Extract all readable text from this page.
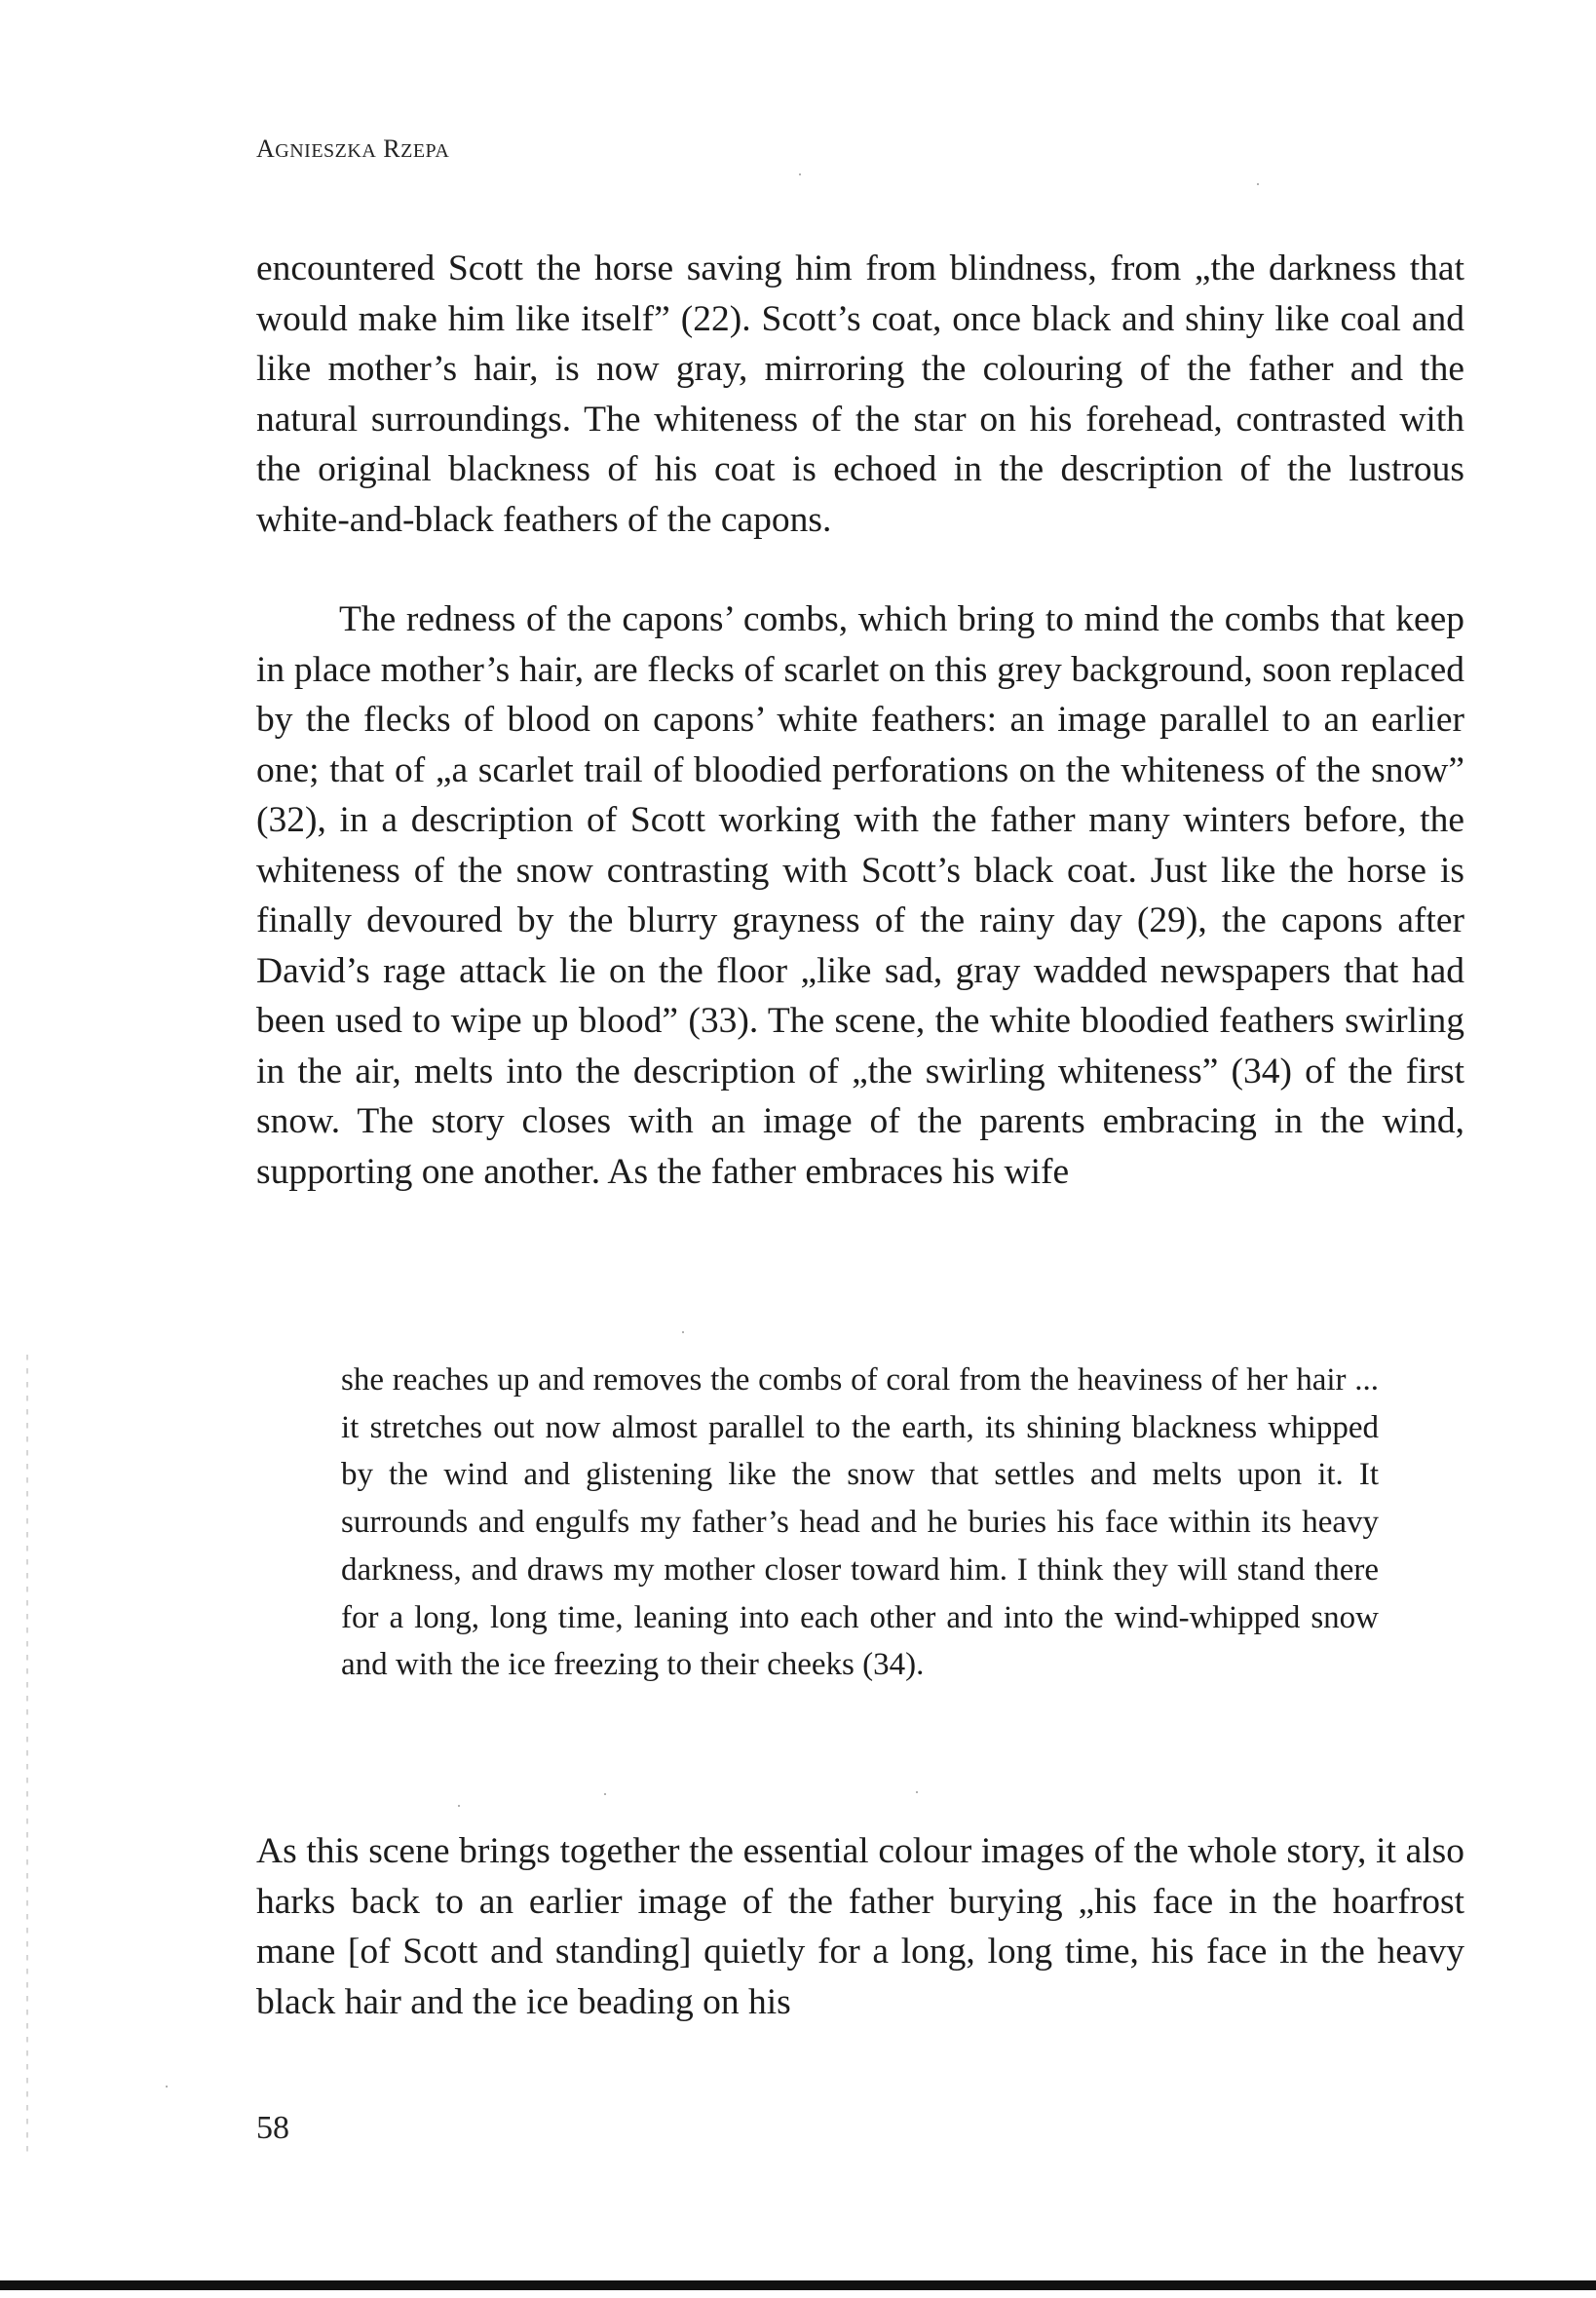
AGNIESZKA RZEPA

encountered Scott the horse saving him from blindness, from „the darkness that would make him like itself” (22). Scott’s coat, once black and shiny like coal and like mother’s hair, is now gray, mirroring the colouring of the father and the natural surroundings. The whiteness of the star on his forehead, contrasted with the original blackness of his coat is echoed in the description of the lustrous white-and-black feathers of the capons.

The redness of the capons’ combs, which bring to mind the combs that keep in place mother’s hair, are flecks of scarlet on this grey background, soon replaced by the flecks of blood on capons’ white feathers: an image parallel to an earlier one; that of „a scarlet trail of bloodied perforations on the whiteness of the snow” (32), in a description of Scott working with the father many winters before, the whiteness of the snow contrasting with Scott’s black coat. Just like the horse is finally devoured by the blurry grayness of the rainy day (29), the capons after David’s rage attack lie on the floor „like sad, gray wadded newspapers that had been used to wipe up blood” (33). The scene, the white bloodied feathers swirling in the air, melts into the description of „the swirling whiteness” (34) of the first snow. The story closes with an image of the parents embracing in the wind, supporting one another. As the father embraces his wife

she reaches up and removes the combs of coral from the heaviness of her hair ... it stretches out now almost parallel to the earth, its shining blackness whipped by the wind and glistening like the snow that settles and melts upon it. It surrounds and engulfs my father’s head and he buries his face within its heavy darkness, and draws my mother closer toward him. I think they will stand there for a long, long time, leaning into each other and into the wind-whipped snow and with the ice freezing to their cheeks (34).

As this scene brings together the essential colour images of the whole story, it also harks back to an earlier image of the father burying „his face in the hoarfrost mane [of Scott and standing] quietly for a long, long time, his face in the heavy black hair and the ice beading on his

58
